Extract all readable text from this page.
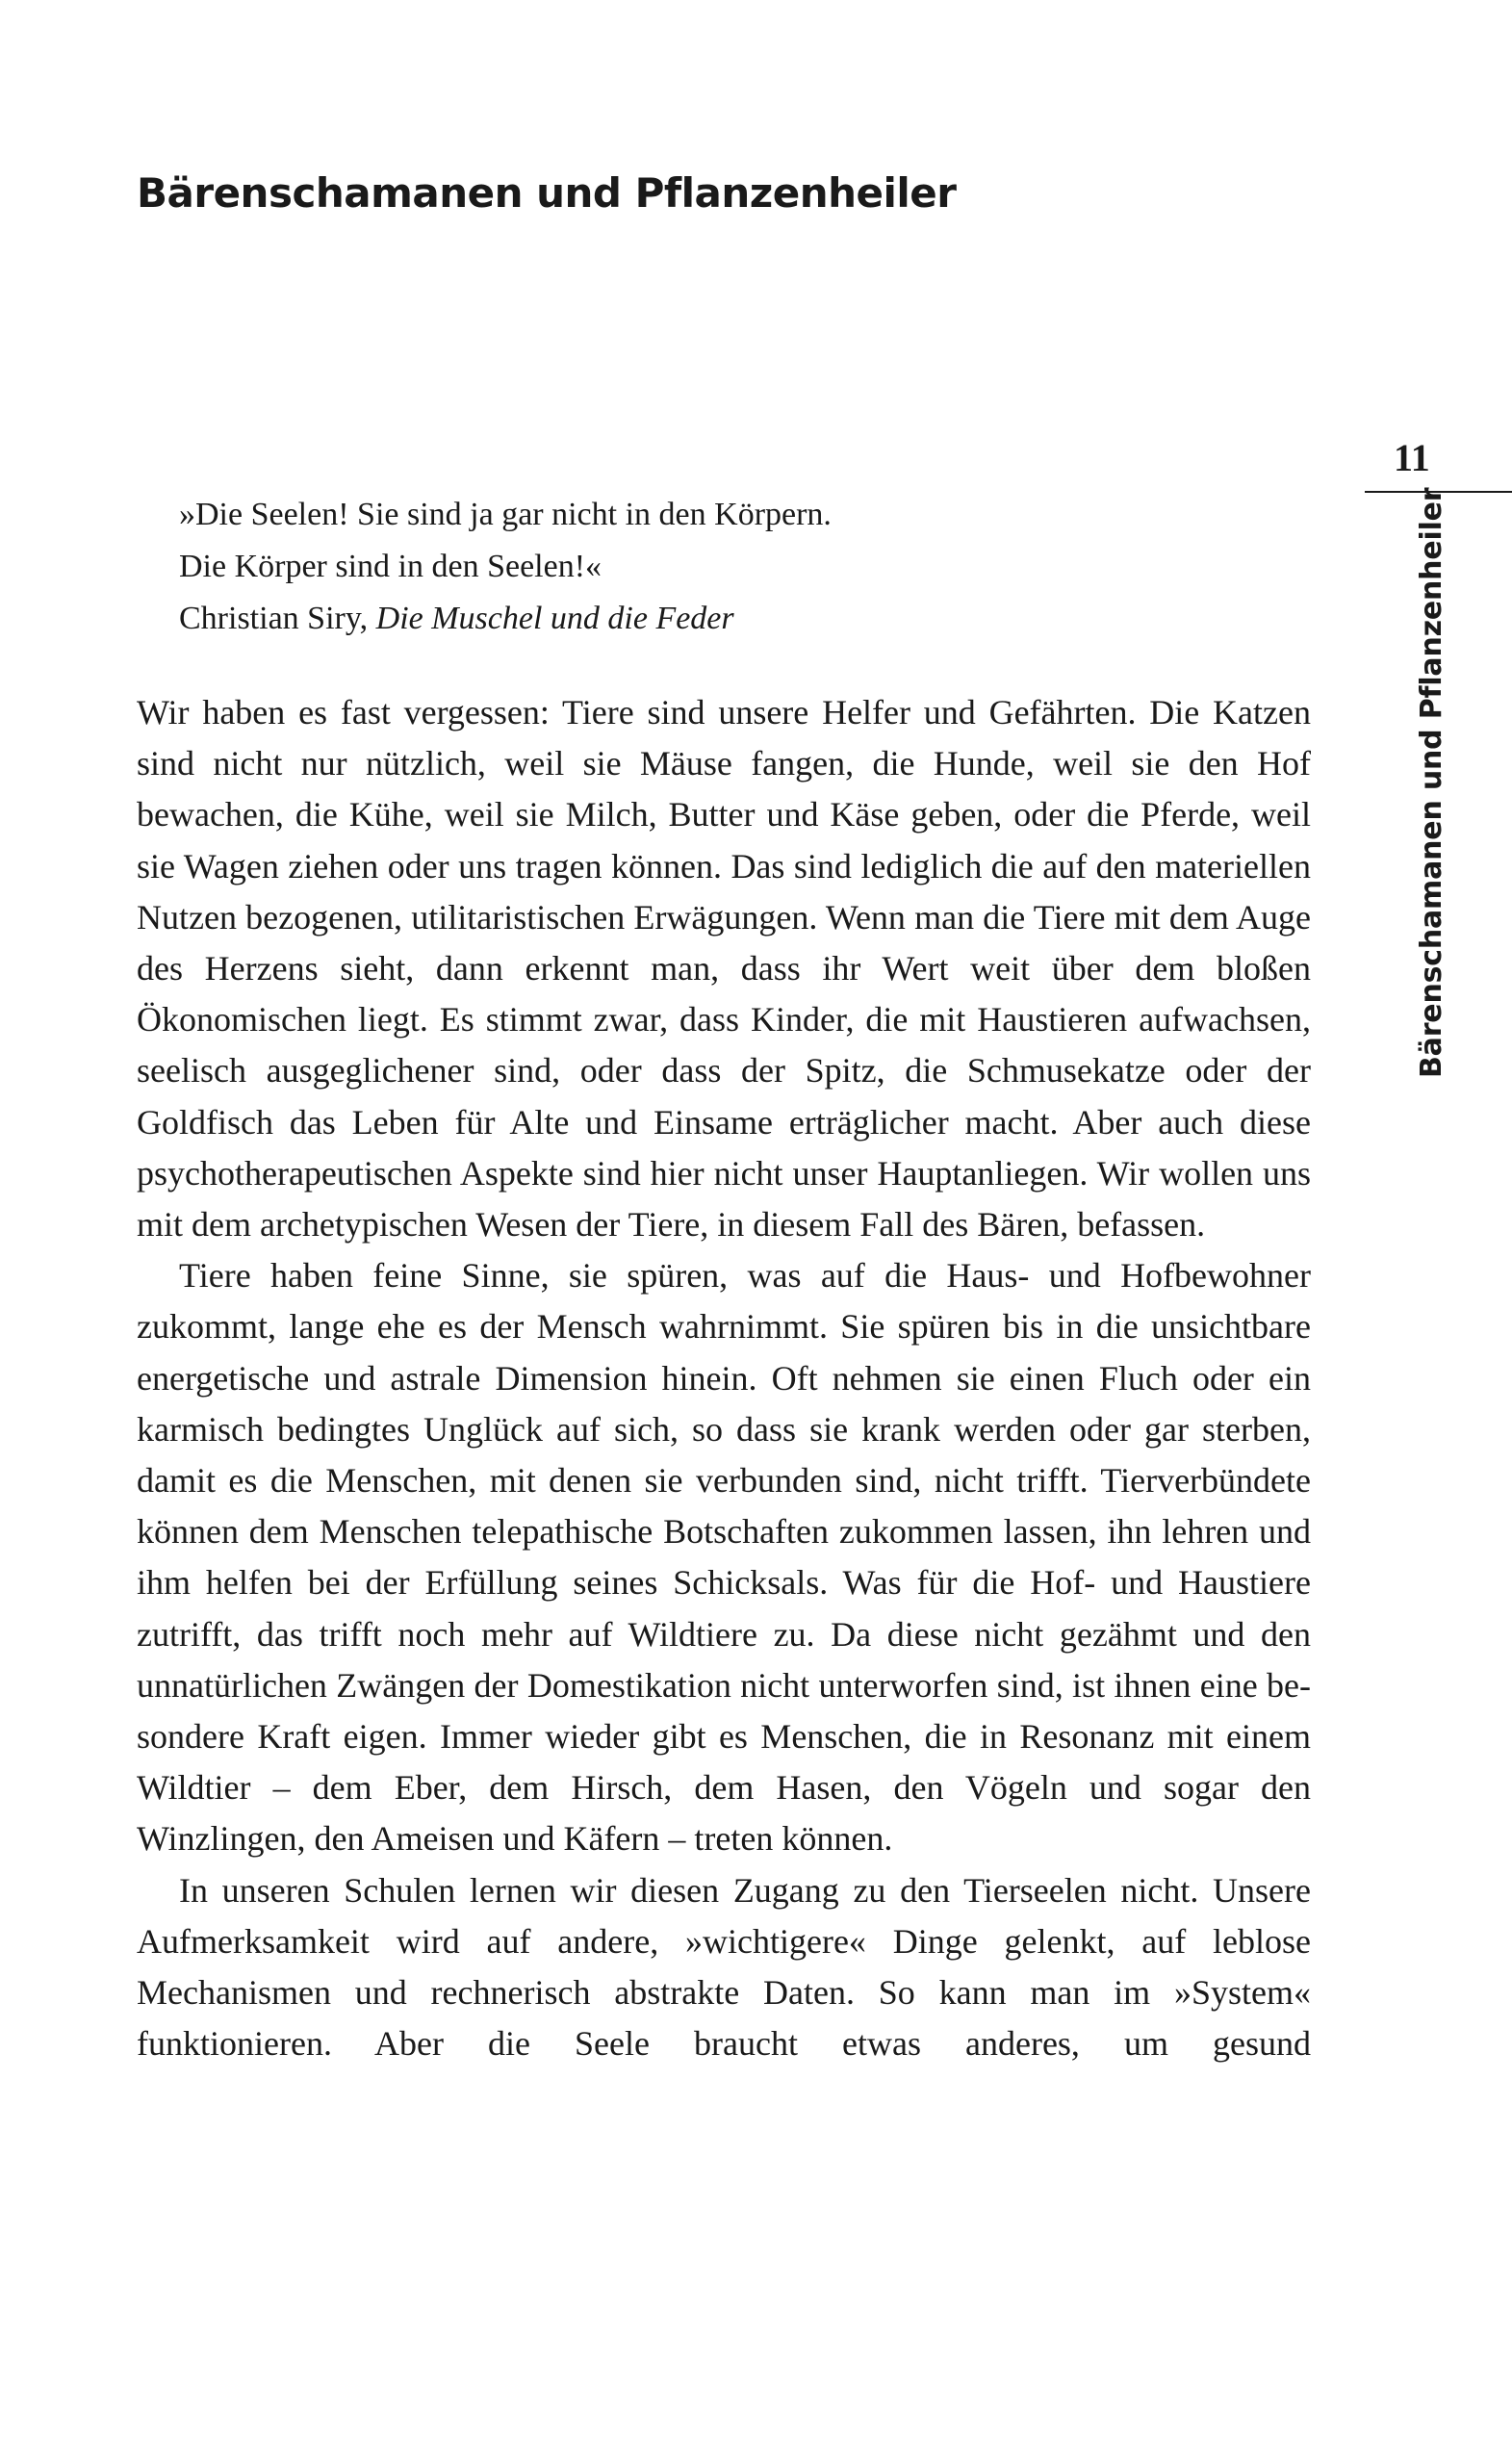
Bärenschamanen und Pflanzenheiler
11
Bärenschamanen und Pflanzenheiler
»Die Seelen! Sie sind ja gar nicht in den Körpern.
Die Körper sind in den Seelen!«
Christian Siry, Die Muschel und die Feder

Wir haben es fast vergessen: Tiere sind unsere Helfer und Gefährten. Die Katzen sind nicht nur nützlich, weil sie Mäuse fangen, die Hunde, weil sie den Hof bewachen, die Kühe, weil sie Milch, Butter und Käse geben, oder die Pferde, weil sie Wagen ziehen oder uns tragen können. Das sind lediglich die auf den materiellen Nutzen bezogenen, utilitaristischen Erwägungen. Wenn man die Tiere mit dem Auge des Herzens sieht, dann erkennt man, dass ihr Wert weit über dem bloßen Ökonomischen liegt. Es stimmt zwar, dass Kinder, die mit Haustieren aufwachsen, seelisch ausgeglichener sind, oder dass der Spitz, die Schmusekatze oder der Goldfisch das Leben für Alte und Einsame erträglicher macht. Aber auch diese psychotherapeutischen Aspekte sind hier nicht unser Hauptanliegen. Wir wollen uns mit dem archetypischen Wesen der Tiere, in diesem Fall des Bären, befassen.

Tiere haben feine Sinne, sie spüren, was auf die Haus- und Hofbewohner zukommt, lange ehe es der Mensch wahrnimmt. Sie spüren bis in die unsichtbare energetische und astrale Dimension hinein. Oft nehmen sie einen Fluch oder ein karmisch bedingtes Unglück auf sich, so dass sie krank werden oder gar sterben, damit es die Menschen, mit denen sie verbunden sind, nicht trifft. Tierverbündete können dem Menschen telepathische Botschaften zukommen lassen, ihn lehren und ihm helfen bei der Erfüllung seines Schicksals. Was für die Hof- und Haustiere zutrifft, das trifft noch mehr auf Wildtiere zu. Da diese nicht gezähmt und den unnatürlichen Zwängen der Domestikation nicht unterworfen sind, ist ihnen eine besondere Kraft eigen. Immer wieder gibt es Menschen, die in Resonanz mit einem Wildtier – dem Eber, dem Hirsch, dem Hasen, den Vögeln und sogar den Winzlingen, den Ameisen und Käfern – treten können.

In unseren Schulen lernen wir diesen Zugang zu den Tierseelen nicht. Unsere Aufmerksamkeit wird auf andere, »wichtigere« Dinge gelenkt, auf leblose Mechanismen und rechnerisch abstrakte Daten. So kann man im »System« funktionieren. Aber die Seele braucht etwas anderes, um gesund
